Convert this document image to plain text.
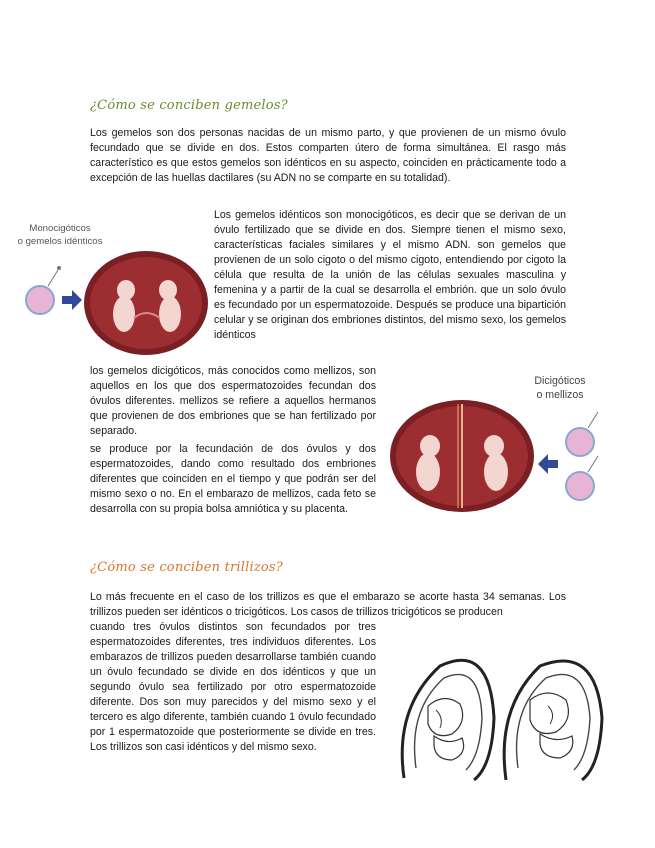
¿Cómo se conciben gemelos?

Los gemelos son dos personas nacidas de un mismo parto, y que provienen de un mismo óvulo fecundado que se divide en dos. Estos comparten útero de forma simultánea. El rasgo más característico es que estos gemelos son idénticos en su aspecto, coinciden en prácticamente todo a excepción de las huellas dactilares (su ADN no se comparte en su totalidad).

Monocigóticos
o gemelos idénticos

Los gemelos idénticos son monocigóticos, es decir que se derivan de un óvulo fertilizado que se divide en dos. Siempre tienen el mismo sexo, características faciales similares y el mismo ADN. son gemelos que provienen de un solo cigoto o del mismo cigoto, entendiendo por cigoto la célula que resulta de la unión de las células sexuales masculina y femenina y a partir de la cual se desarrolla el embrión. que un solo óvulo es fecundado por un espermatozoide. Después se produce una bipartición celular y se originan dos embriones distintos, del mismo sexo, los gemelos idénticos

los gemelos dicigóticos, más conocidos como mellizos, son aquellos en los que dos espermatozoides fecundan dos óvulos diferentes. mellizos se refiere a aquellos hermanos que provienen de dos embriones que se han fertilizado por separado.

se produce por la fecundación de dos óvulos y dos espermatozoides, dando como resultado dos embriones diferentes que coinciden en el tiempo y que podrán ser del mismo sexo o no. En el embarazo de mellizos, cada feto se desarrolla con su propia bolsa amniótica y su placenta.

Dicigóticos
o mellizos
¿Cómo se conciben trillizos?

Lo más frecuente en el caso de los trillizos es que el embarazo se acorte hasta 34 semanas. Los trillizos pueden ser idénticos o tricigóticos. Los casos de trillizos tricigóticos se producen

cuando tres óvulos distintos son fecundados por tres espermatozoides diferentes, tres individuos diferentes. Los embarazos de trillizos pueden desarrollarse también cuando un óvulo fecundado se divide en dos idénticos y que un segundo óvulo sea fertilizado por otro espermatozoide diferente. Dos son muy parecidos y del mismo sexo y el tercero es algo diferente, también cuando 1 óvulo fecundado por 1 espermatozoide que posteriormente se divide en tres. Los trillizos son casi idénticos y del mismo sexo.
